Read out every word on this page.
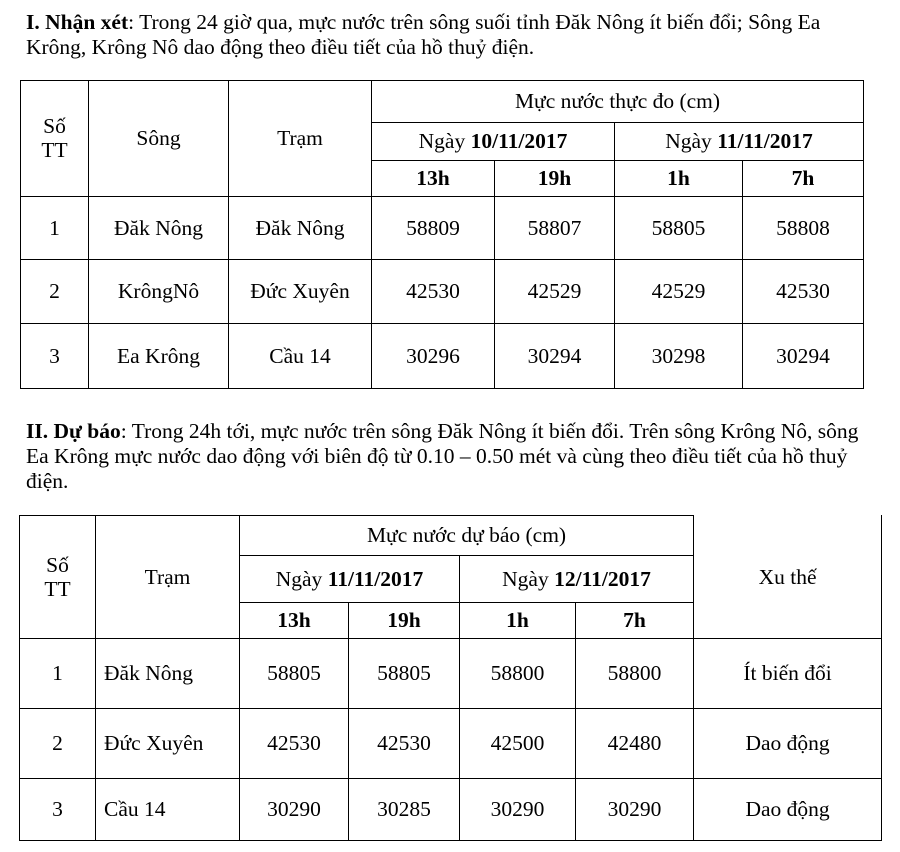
I. Nhận xét: Trong 24 giờ qua, mực nước trên sông suối tỉnh Đăk Nông ít biến đổi; Sông Ea Krông, Krông Nô dao động theo điều tiết của hồ thuỷ điện.

Số TT	Sông	Trạm	Mực nước thực đo (cm)			
			Ngày 10/11/2017		Ngày 11/11/2017	
			13h	19h	1h	7h
1	Đăk Nông	Đăk Nông	58809	58807	58805	58808
2	KrôngNô	Đức Xuyên	42530	42529	42529	42530
3	Ea Krông	Cầu 14	30296	30294	30298	30294

II. Dự báo: Trong 24h tới, mực nước trên sông Đăk Nông ít biến đổi. Trên sông Krông Nô, sông Ea Krông mực nước dao động với biên độ từ 0.10 – 0.50 mét và cùng theo điều tiết của hồ thuỷ điện.

Số TT	Trạm	Mực nước dự báo (cm)				Xu thế
		Ngày 11/11/2017		Ngày 12/11/2017		
		13h	19h	1h	7h	
1	Đăk Nông	58805	58805	58800	58800	Ít biến đổi
2	Đức Xuyên	42530	42530	42500	42480	Dao động
3	Cầu 14	30290	30285	30290	30290	Dao động
